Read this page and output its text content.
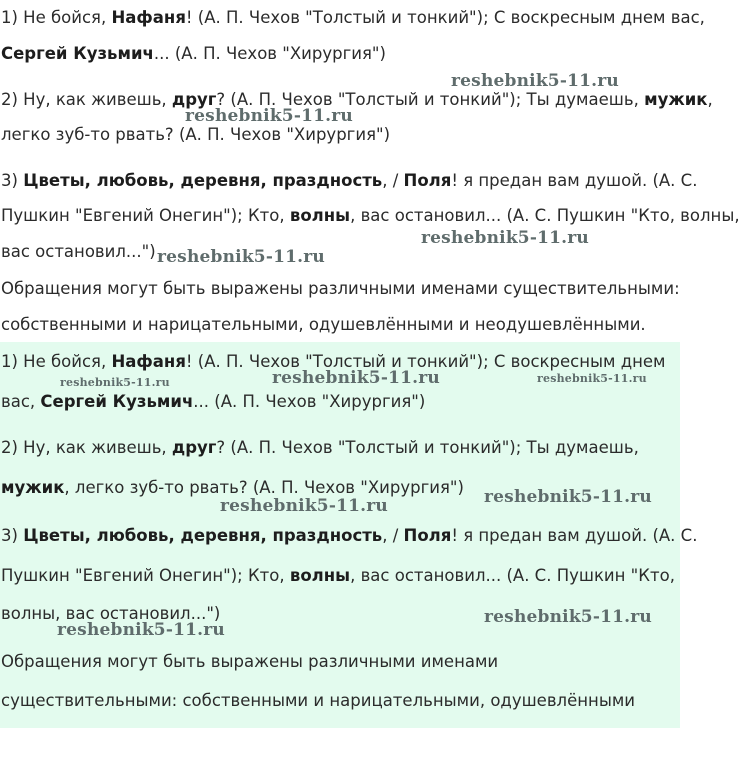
1) Не бойся, Нафаня! (А. П. Чехов "Толстый и тонкий"); С воскресным днем вас,
Сергей Кузьмич... (А. П. Чехов "Хирургия")
2) Ну, как живешь, друг? (А. П. Чехов "Толстый и тонкий"); Ты думаешь, мужик,
легко зуб-то рвать? (А. П. Чехов "Хирургия")
3) Цветы, любовь, деревня, праздность, / Поля! я предан вам душой. (А. С.
Пушкин "Евгений Онегин"); Кто, волны, вас остановил... (А. С. Пушкин "Кто, волны,
вас остановил...")
Обращения могут быть выражены различными именами существительными:
собственными и нарицательными, одушевлёнными и неодушевлёнными.
reshebnik5-11.ru
reshebnik5-11.ru
reshebnik5-11.ru
reshebnik5-11.ru
1) Не бойся, Нафаня! (А. П. Чехов "Толстый и тонкий"); С воскресным днем
вас, Сергей Кузьмич... (А. П. Чехов "Хирургия")
2) Ну, как живешь, друг? (А. П. Чехов "Толстый и тонкий"); Ты думаешь,
мужик, легко зуб-то рвать? (А. П. Чехов "Хирургия")
3) Цветы, любовь, деревня, праздность, / Поля! я предан вам душой. (А. С.
Пушкин "Евгений Онегин"); Кто, волны, вас остановил... (А. С. Пушкин "Кто,
волны, вас остановил...")
Обращения могут быть выражены различными именами
существительными: собственными и нарицательными, одушевлёнными
reshebnik5-11.ru	reshebnik5-11.ru	reshebnik5-11.ru
reshebnik5-11.ru
reshebnik5-11.ru
reshebnik5-11.ru
reshebnik5-11.ru
